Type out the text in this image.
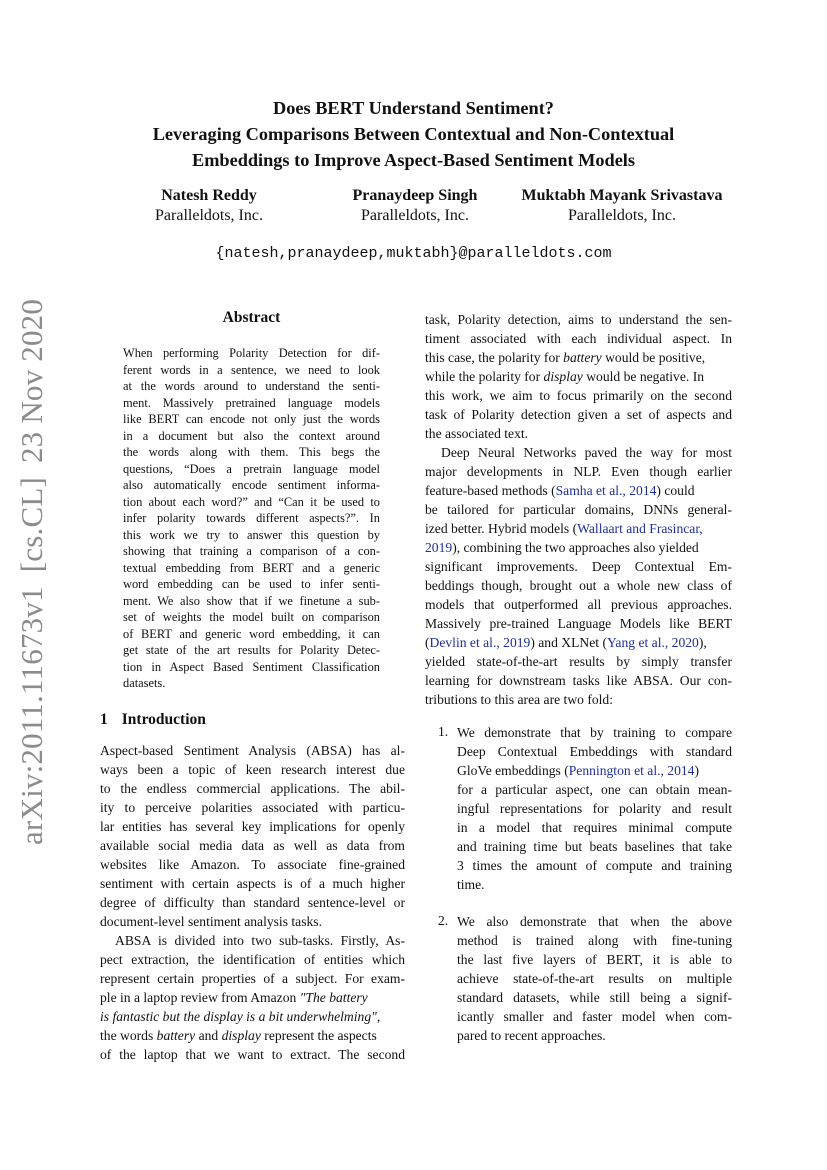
arXiv:2011.11673v1[cs.CL]23 Nov 2020
Does BERT Understand Sentiment?
Leveraging Comparisons Between Contextual and Non-Contextual
Embeddings to Improve Aspect-Based Sentiment Models
Natesh Reddy
Paralleldots, Inc.
Pranaydeep Singh
Paralleldots, Inc.
Muktabh Mayank Srivastava
Paralleldots, Inc.
{natesh,pranaydeep,muktabh}@paralleldots.com
Abstract
When performing Polarity Detection for dif-
ferent words in a sentence, we need to look
at the words around to understand the senti-
ment. Massively pretrained language models
like BERT can encode not only just the words
in a document but also the context around
the words along with them. This begs the
questions, “Does a pretrain language model
also automatically encode sentiment informa-
tion about each word?” and “Can it be used to
infer polarity towards different aspects?”. In
this work we try to answer this question by
showing that training a comparison of a con-
textual embedding from BERT and a generic
word embedding can be used to infer senti-
ment. We also show that if we finetune a sub-
set of weights the model built on comparison
of BERT and generic word embedding, it can
get state of the art results for Polarity Detec-
tion in Aspect Based Sentiment Classification
datasets.
1 Introduction
Aspect-based Sentiment Analysis (ABSA) has al-
ways been a topic of keen research interest due
to the endless commercial applications. The abil-
ity to perceive polarities associated with particu-
lar entities has several key implications for openly
available social media data as well as data from
websites like Amazon. To associate fine-grained
sentiment with certain aspects is of a much higher
degree of difficulty than standard sentence-level or
document-level sentiment analysis tasks.
ABSA is divided into two sub-tasks. Firstly, As-
pect extraction, the identification of entities which
represent certain properties of a subject. For exam-
ple in a laptop review from Amazon "The battery
is fantastic but the display is a bit underwhelming",
the words battery and display represent the aspects
of the laptop that we want to extract. The second
task, Polarity detection, aims to understand the sen-
timent associated with each individual aspect. In
this case, the polarity for battery would be positive,
while the polarity for display would be negative. In
this work, we aim to focus primarily on the second
task of Polarity detection given a set of aspects and
the associated text.
Deep Neural Networks paved the way for most
major developments in NLP. Even though earlier
feature-based methods (Samha et al., 2014) could
be tailored for particular domains, DNNs general-
ized better. Hybrid models (Wallaart and Frasincar,
2019), combining the two approaches also yielded
significant improvements. Deep Contextual Em-
beddings though, brought out a whole new class of
models that outperformed all previous approaches.
Massively pre-trained Language Models like BERT
(Devlin et al., 2019) and XLNet (Yang et al., 2020),
yielded state-of-the-art results by simply transfer
learning for downstream tasks like ABSA. Our con-
tributions to this area are two fold:
1. We demonstrate that by training to compare
Deep Contextual Embeddings with standard
GloVe embeddings (Pennington et al., 2014)
for a particular aspect, one can obtain mean-
ingful representations for polarity and result
in a model that requires minimal compute
and training time but beats baselines that take
3 times the amount of compute and training
time.
2. We also demonstrate that when the above
method is trained along with fine-tuning
the last five layers of BERT, it is able to
achieve state-of-the-art results on multiple
standard datasets, while still being a signif-
icantly smaller and faster model when com-
pared to recent approaches.
